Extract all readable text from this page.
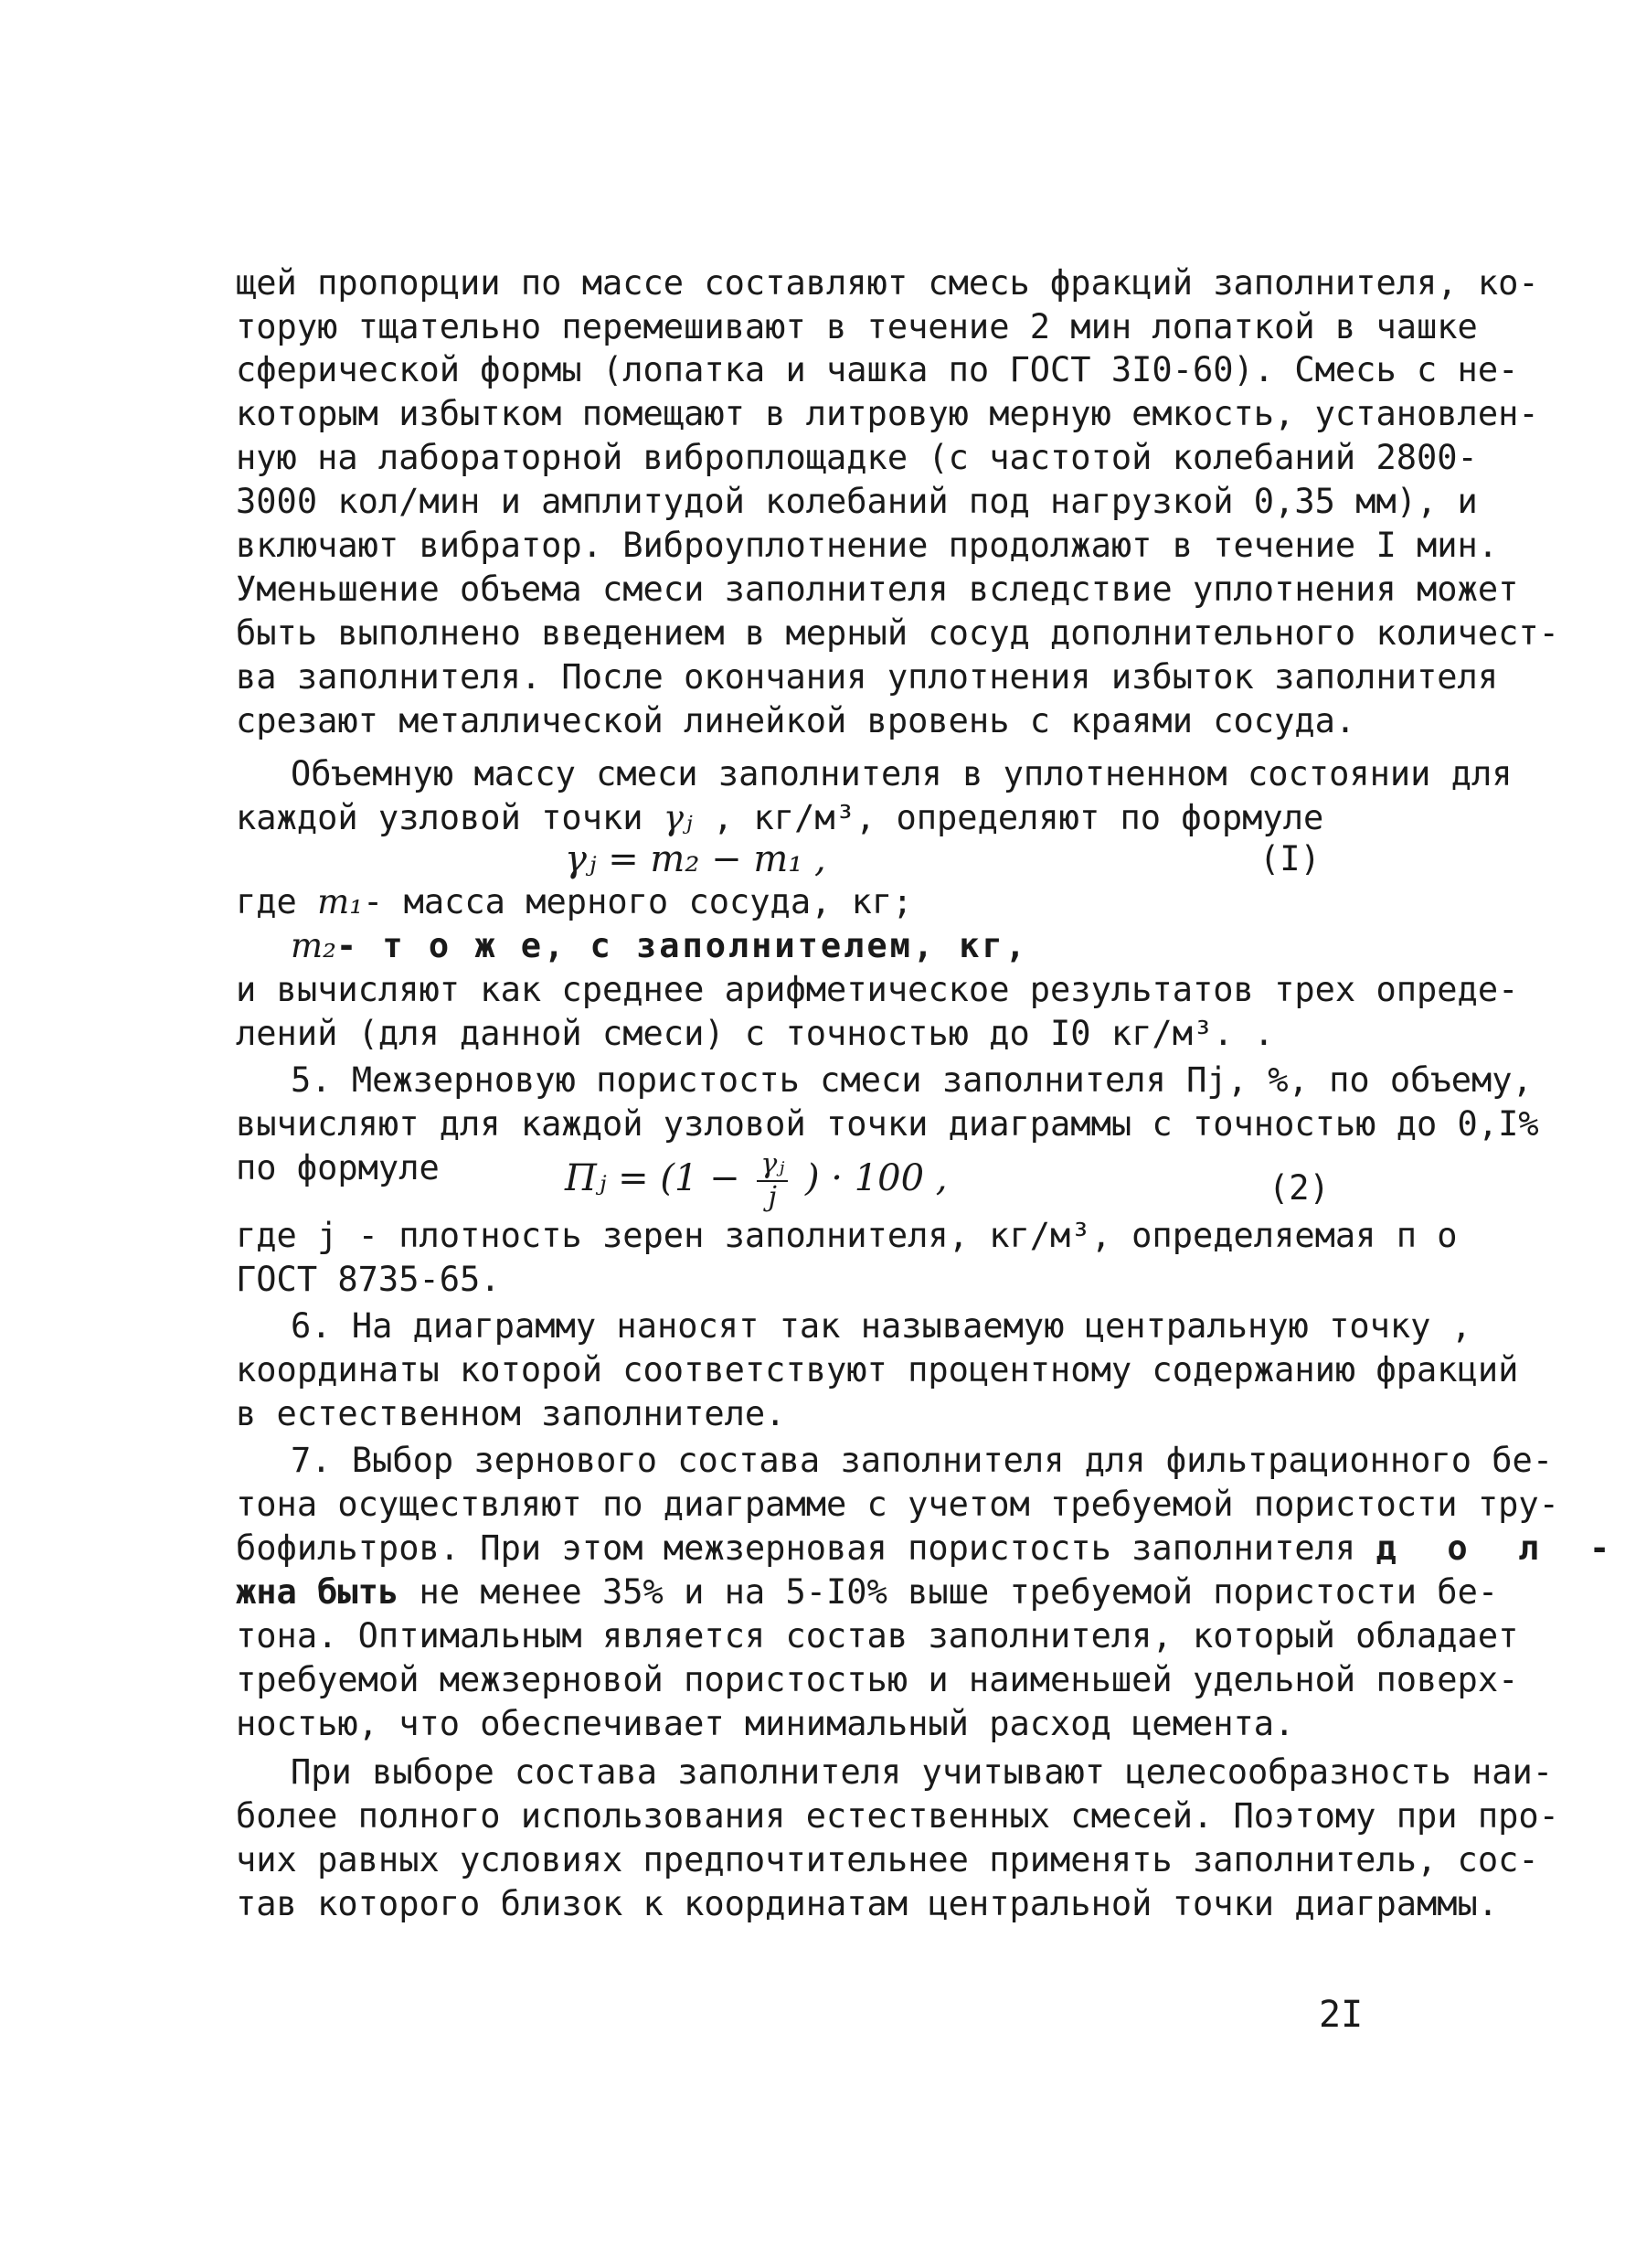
щей пропорции по массе составляют смесь фракций заполнителя, ко-

торую тщательно перемешивают в течение 2 мин лопаткой в чашке

сферической формы (лопатка и чашка по ГОСТ 3I0-60). Смесь с не-

которым избытком помещают в литровую мерную емкость, установлен-

ную на лабораторной виброплощадке (с частотой колебаний 2800-

3000 кол/мин и амплитудой колебаний под нагрузкой 0,35 мм), и

включают вибратор. Виброуплотнение продолжают в течение I мин.

Уменьшение объема смеси заполнителя вследствие уплотнения может

быть выполнено введением в мерный сосуд дополнительного количест-

ва заполнителя. После окончания уплотнения избыток заполнителя

срезают металлической линейкой вровень с краями сосуда.

Объемную массу смеси заполнителя в уплотненном состоянии для

каждой узловой точки γⱼ , кг/м³, определяют по формуле

γⱼ = m₂ − m₁ ,	(I)

где m₁- масса мерного сосуда, кг;

m₂- т о ж е, с заполнителем, кг,

и вычисляют как среднее арифметическое результатов трех опреде-

лений (для данной смеси) с точностью до I0 кг/м³. .

5. Межзерновую пористость смеси заполнителя Пj, %, по объему,

вычисляют для каждой узловой точки диаграммы с точностью до 0,I%

по формуле	Пⱼ = ($1 - \frac{\text{γⱼ}}{j}$ ) · 100 ,	(2)

где j - плотность зерен заполнителя, кг/м³, определяемая п о

ГОСТ 8735-65.

6. На диаграмму наносят так называемую центральную точку ,

координаты которой соответствуют процентному содержанию фракций

в естественном заполнителе.

7. Выбор зернового состава заполнителя для фильтрационного бе-

тона осуществляют по диаграмме с учетом требуемой пористости тру-

бофильтров. При этом межзерновая пористость заполнителя д о л -

жна быть не менее 35% и на 5-I0% выше требуемой пористости бе-

тона. Оптимальным является состав заполнителя, который обладает

требуемой межзерновой пористостью и наименьшей удельной поверх-

ностью, что обеспечивает минимальный расход цемента.

При выборе состава заполнителя учитывают целесообразность наи-

более полного использования естественных смесей. Поэтому при про-

чих равных условиях предпочтительнее применять заполнитель, сос-

тав которого близок к координатам центральной точки диаграммы.

2I
